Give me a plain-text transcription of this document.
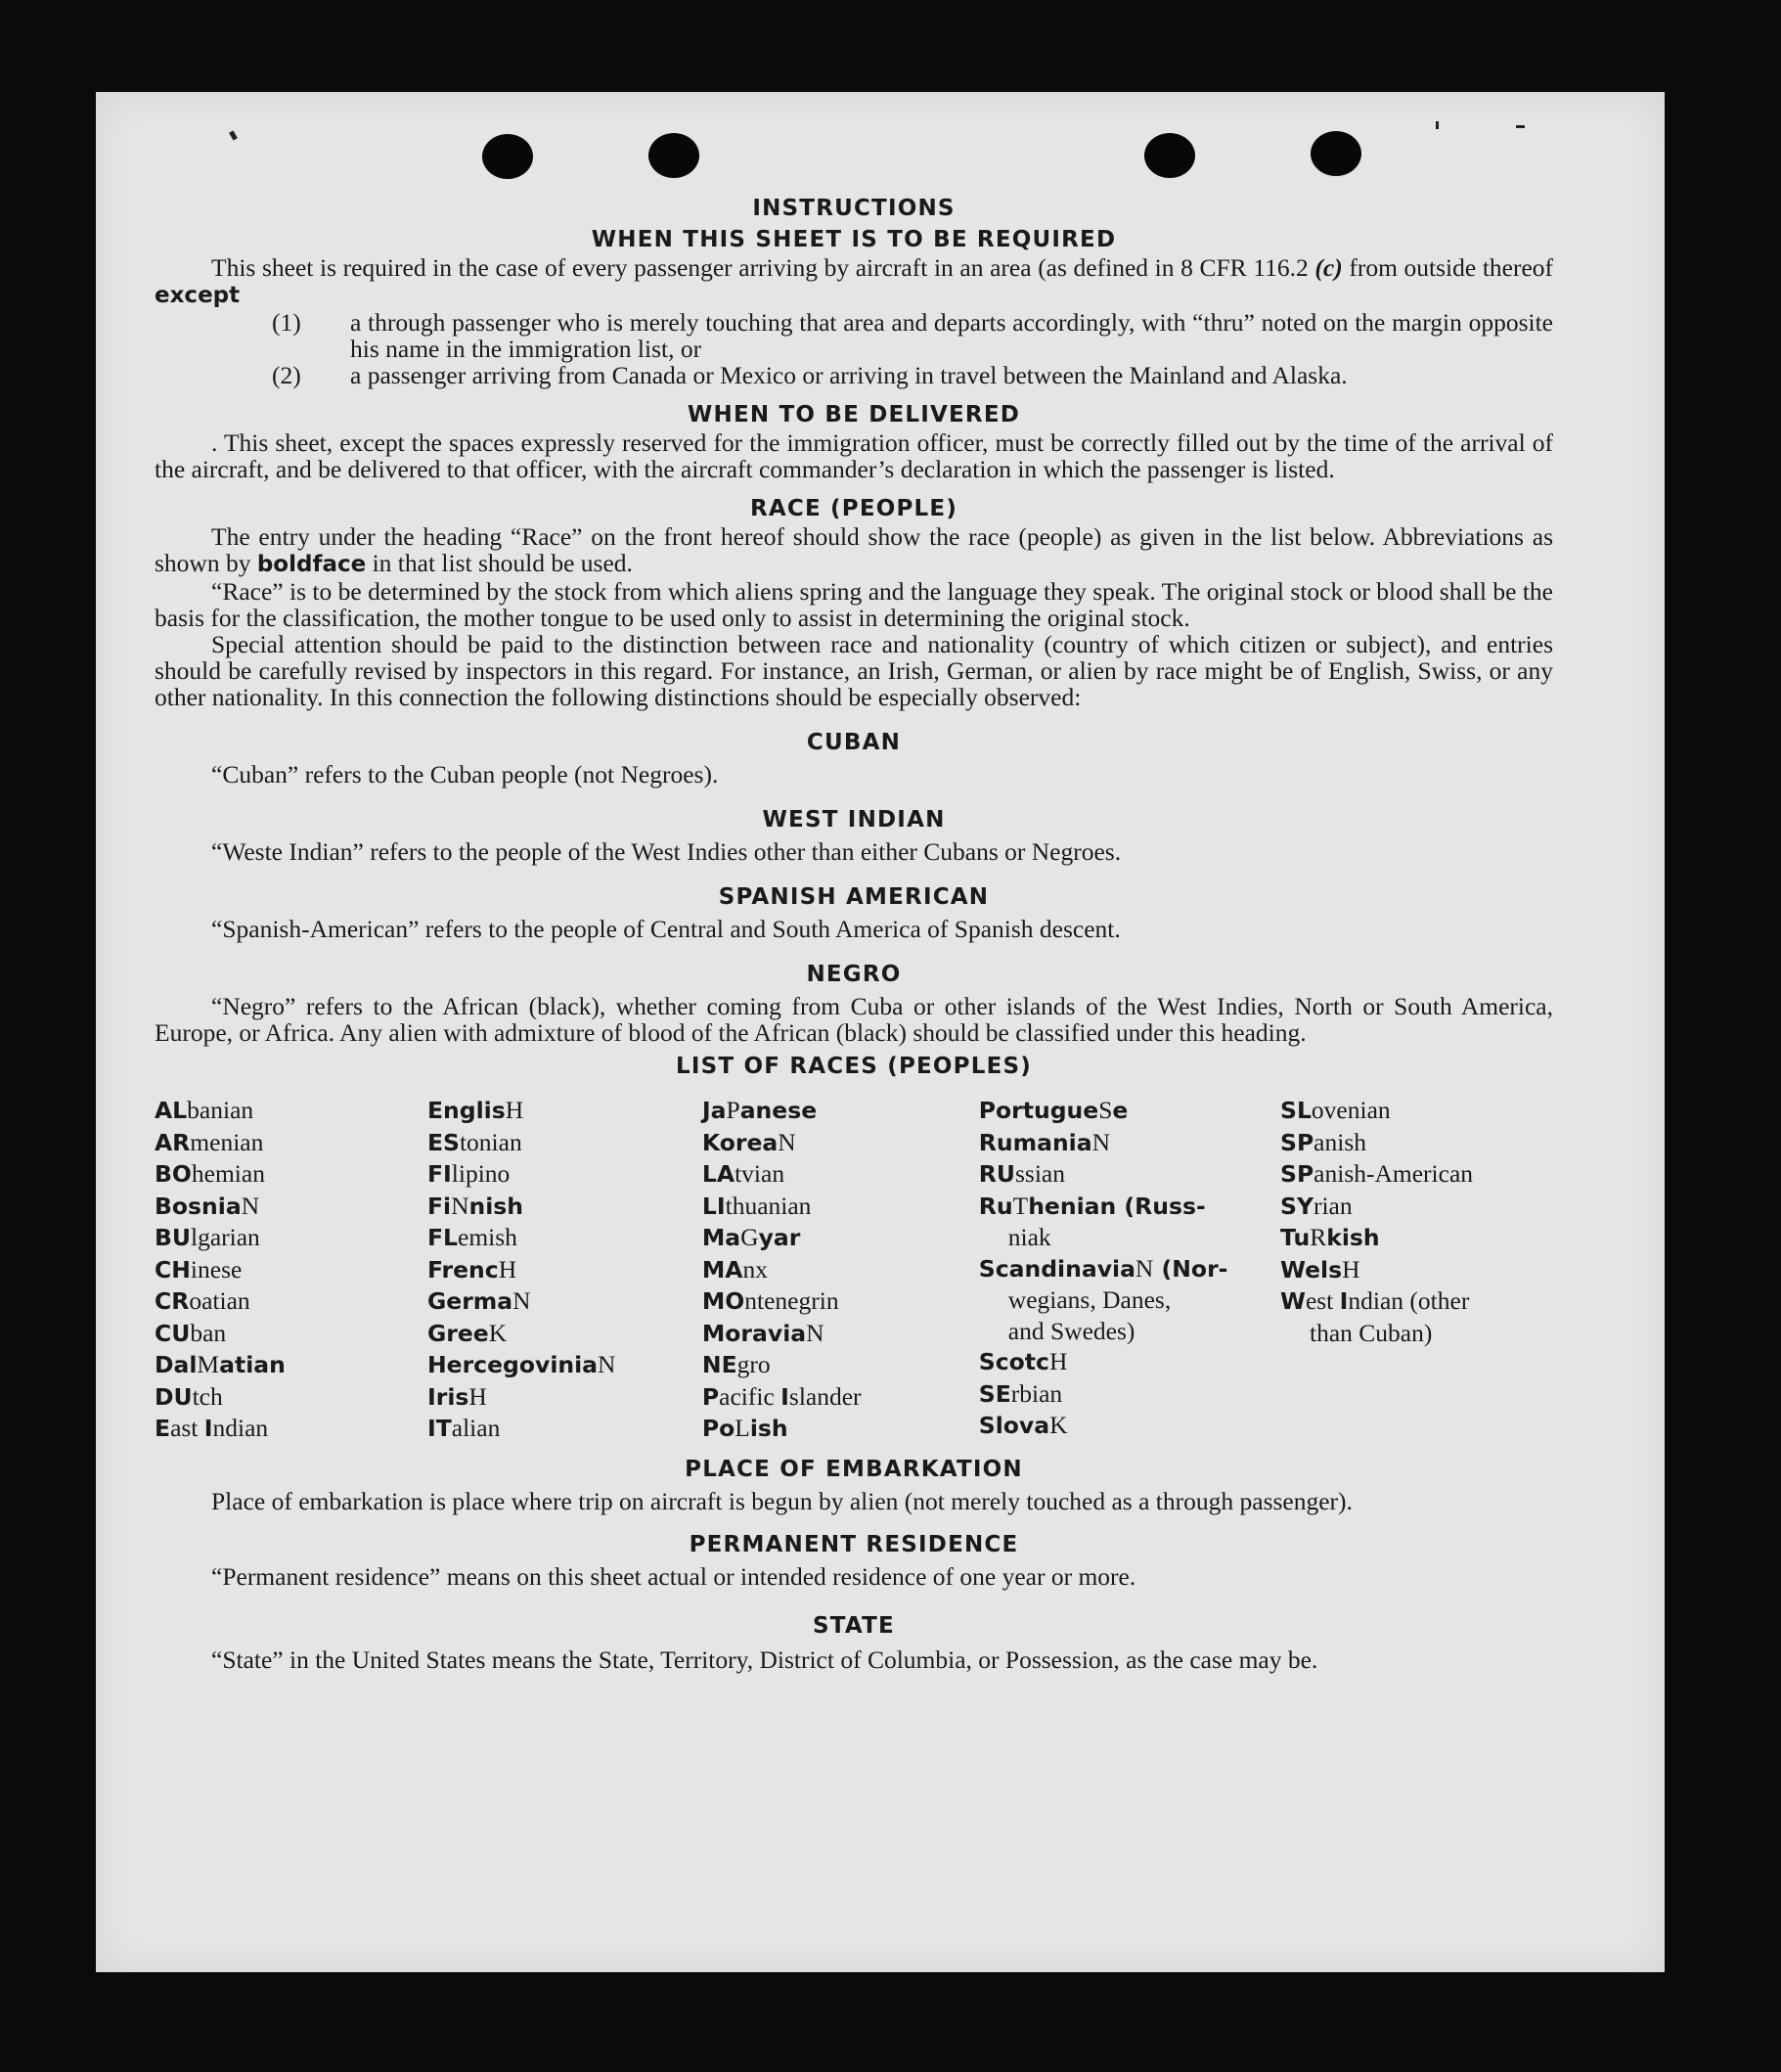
INSTRUCTIONS
WHEN THIS SHEET IS TO BE REQUIRED

This sheet is required in the case of every passenger arriving by aircraft in an area (as defined in 8 CFR 116.2 (c) from outside thereof except

(1) a through passenger who is merely touching that area and departs accordingly, with “thru” noted on the margin opposite his name in the immigration list, or

(2) a passenger arriving from Canada or Mexico or arriving in travel between the Mainland and Alaska.

WHEN TO BE DELIVERED

. This sheet, except the spaces expressly reserved for the immigration officer, must be correctly filled out by the time of the arrival of the aircraft, and be delivered to that officer, with the aircraft commander’s declaration in which the passenger is listed.

RACE (PEOPLE)

The entry under the heading “Race” on the front hereof should show the race (people) as given in the list below. Abbreviations as shown by boldface in that list should be used.

“Race” is to be determined by the stock from which aliens spring and the language they speak. The original stock or blood shall be the basis for the classification, the mother tongue to be used only to assist in determining the original stock.

Special attention should be paid to the distinction between race and nationality (country of which citizen or subject), and entries should be carefully revised by inspectors in this regard. For instance, an Irish, German, or alien by race might be of English, Swiss, or any other nationality. In this connection the following distinctions should be especially observed:

CUBAN

“Cuban” refers to the Cuban people (not Negroes).

WEST INDIAN

“Weste Indian” refers to the people of the West Indies other than either Cubans or Negroes.

SPANISH AMERICAN

“Spanish-American” refers to the people of Central and South America of Spanish descent.

NEGRO

“Negro” refers to the African (black), whether coming from Cuba or other islands of the West Indies, North or South America, Europe, or Africa. Any alien with admixture of blood of the African (black) should be classified under this heading.

LIST OF RACES (PEOPLES)
ALbanian
ARmenian
BOhemian
BosniaN
BUlgarian
CHinese
CRoatian
CUban
DalMatian
DUtch
East Indian
EnglisH
EStonian
FIlipino
FiNnish
FLemish
FrencH
GermaN
GreeK
HercegoviniaN
IrisH
ITalian
JaPanese
KoreaN
LAtvian
LIthuanian
MaGyar
MAnx
MOntenegrin
MoraviaN
NEgro
Pacific Islander
PoLish
PortugueSe
RumaniaN
RUssian
RuThenian (Russ-
niak
ScandinaviaN (Nor-
wegians, Danes,
and Swedes)
ScotcH
SErbian
SlovaK
SLovenian
SPanish
SPanish-American
SYrian
TuRkish
WelsH
West Indian (other
than Cuban)
PLACE OF EMBARKATION

Place of embarkation is place where trip on aircraft is begun by alien (not merely touched as a through passenger).

PERMANENT RESIDENCE

“Permanent residence” means on this sheet actual or intended residence of one year or more.

STATE

“State” in the United States means the State, Territory, District of Columbia, or Possession, as the case may be.
